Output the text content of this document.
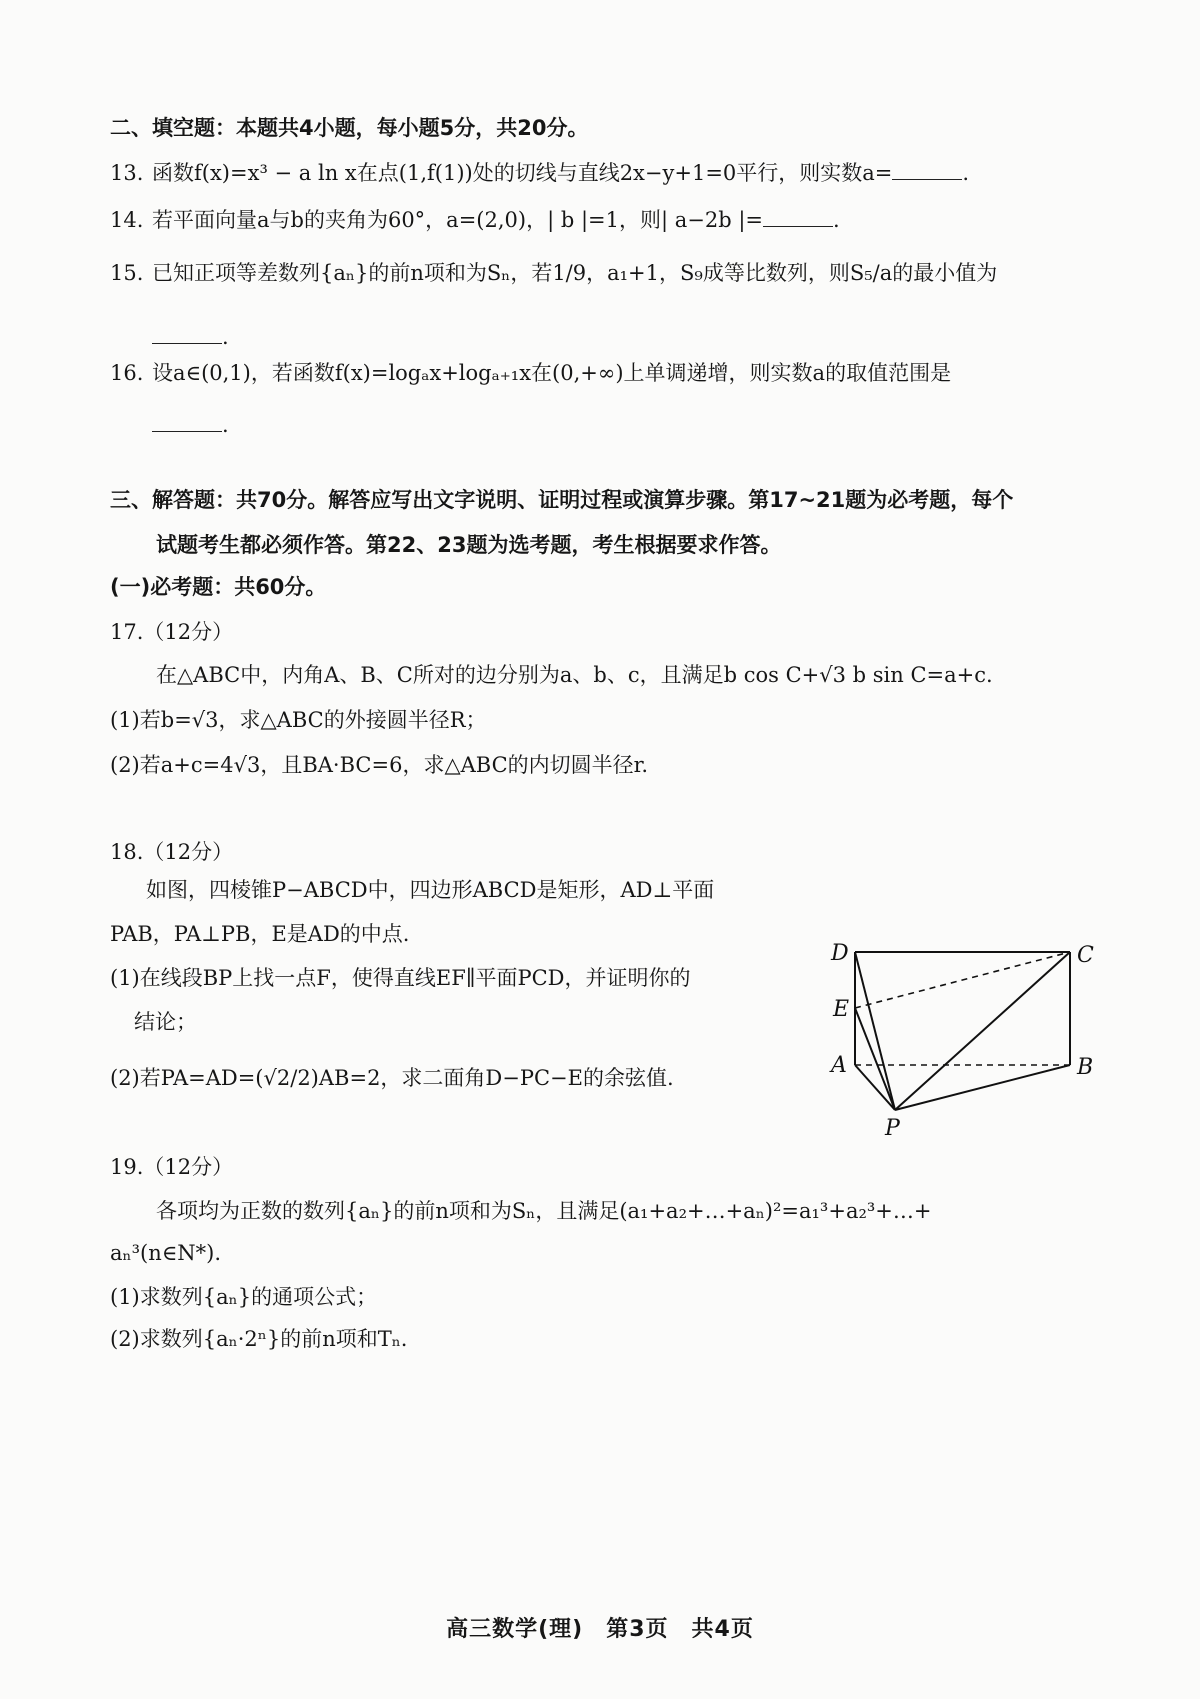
二、填空题：本题共4小题，每小题5分，共20分。
13. 函数f(x)=x³ − a ln x在点(1,f(1))处的切线与直线2x−y+1=0平行，则实数a=	.
14. 若平面向量a与b的夹角为60°，a=(2,0)，| b |=1，则| a−2b |=	.
15. 已知正项等差数列{aₙ}的前n项和为Sₙ，若1/9，a₁+1，S₉成等比数列，则S₅/a的最小值为
.
16. 设a∈(0,1)，若函数f(x)=logₐx+logₐ₊₁x在(0,+∞)上单调递增，则实数a的取值范围是
.
三、解答题：共70分。解答应写出文字说明、证明过程或演算步骤。第17~21题为必考题，每个
试题考生都必须作答。第22、23题为选考题，考生根据要求作答。
(一)必考题：共60分。
17.（12分）
在△ABC中，内角A、B、C所对的边分别为a、b、c，且满足b cos C+√3 b sin C=a+c.
(1)若b=√3，求△ABC的外接圆半径R；
(2)若a+c=4√3，且BA·BC=6，求△ABC的内切圆半径r.
18.（12分）
如图，四棱锥P−ABCD中，四边形ABCD是矩形，AD⊥平面
PAB，PA⊥PB，E是AD的中点.
(1)在线段BP上找一点F，使得直线EF∥平面PCD，并证明你的
结论；
(2)若PA=AD=(√2/2)AB=2，求二面角D−PC−E的余弦值.
D	C
E
A	B
P
19.（12分）
各项均为正数的数列{aₙ}的前n项和为Sₙ，且满足(a₁+a₂+…+aₙ)²=a₁³+a₂³+…+
aₙ³(n∈N*).
(1)求数列{aₙ}的通项公式；
(2)求数列{aₙ·2ⁿ}的前n项和Tₙ.
高三数学(理)　第3页　共4页
